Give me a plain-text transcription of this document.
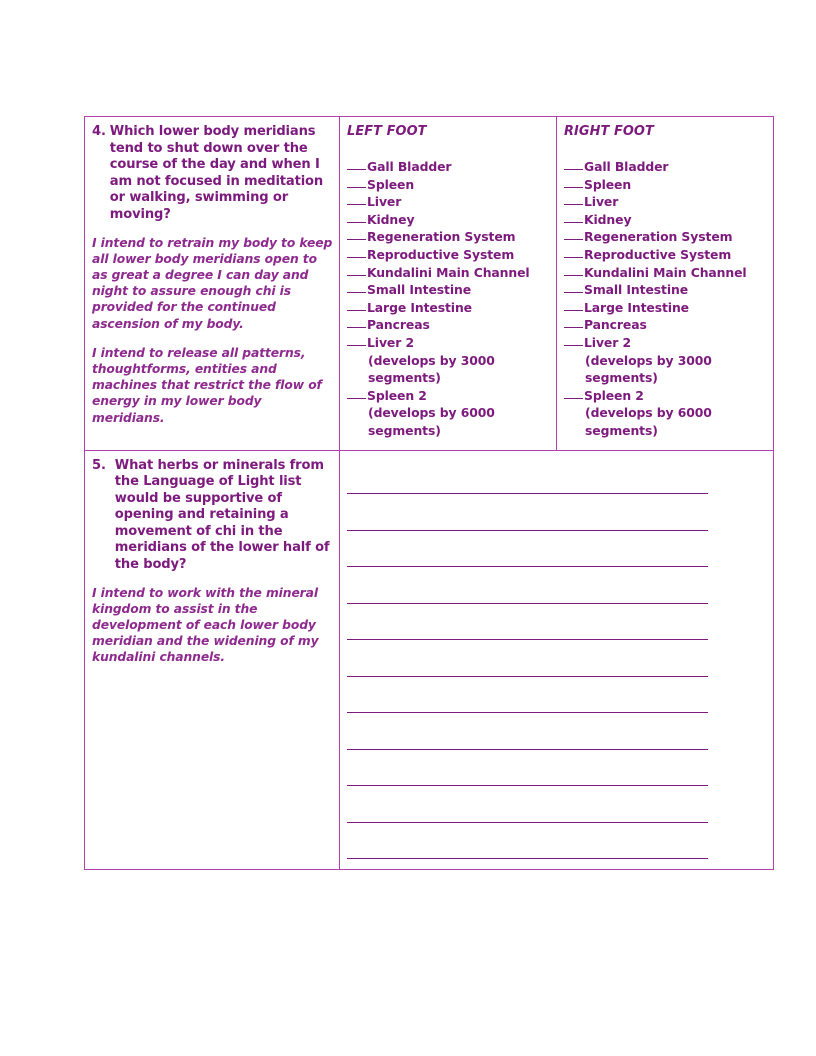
4. Which lower body meridians tend to shut down over the course of the day and when I am not focused in meditation or walking, swimming or moving?

I intend to retrain my body to keep all lower body meridians open to as great a degree I can day and night to assure enough chi is provided for the continued ascension of my body.

I intend to release all patterns, thoughtforms, entities and machines that restrict the flow of energy in my lower body meridians.

LEFT FOOT
Gall Bladder
Spleen
Liver
Kidney
Regeneration System
Reproductive System
Kundalini Main Channel
Small Intestine
Large Intestine
Pancreas
Liver 2
(develops by 3000 segments)
Spleen 2
(develops by 6000 segments)

RIGHT FOOT
Gall Bladder
Spleen
Liver
Kidney
Regeneration System
Reproductive System
Kundalini Main Channel
Small Intestine
Large Intestine
Pancreas
Liver 2
(develops by 3000 segments)
Spleen 2
(develops by 6000 segments)

5. What herbs or minerals from the Language of Light list would be supportive of opening and retaining a movement of chi in the meridians of the lower half of the body?

I intend to work with the mineral kingdom to assist in the development of each lower body meridian and the widening of my kundalini channels.		
